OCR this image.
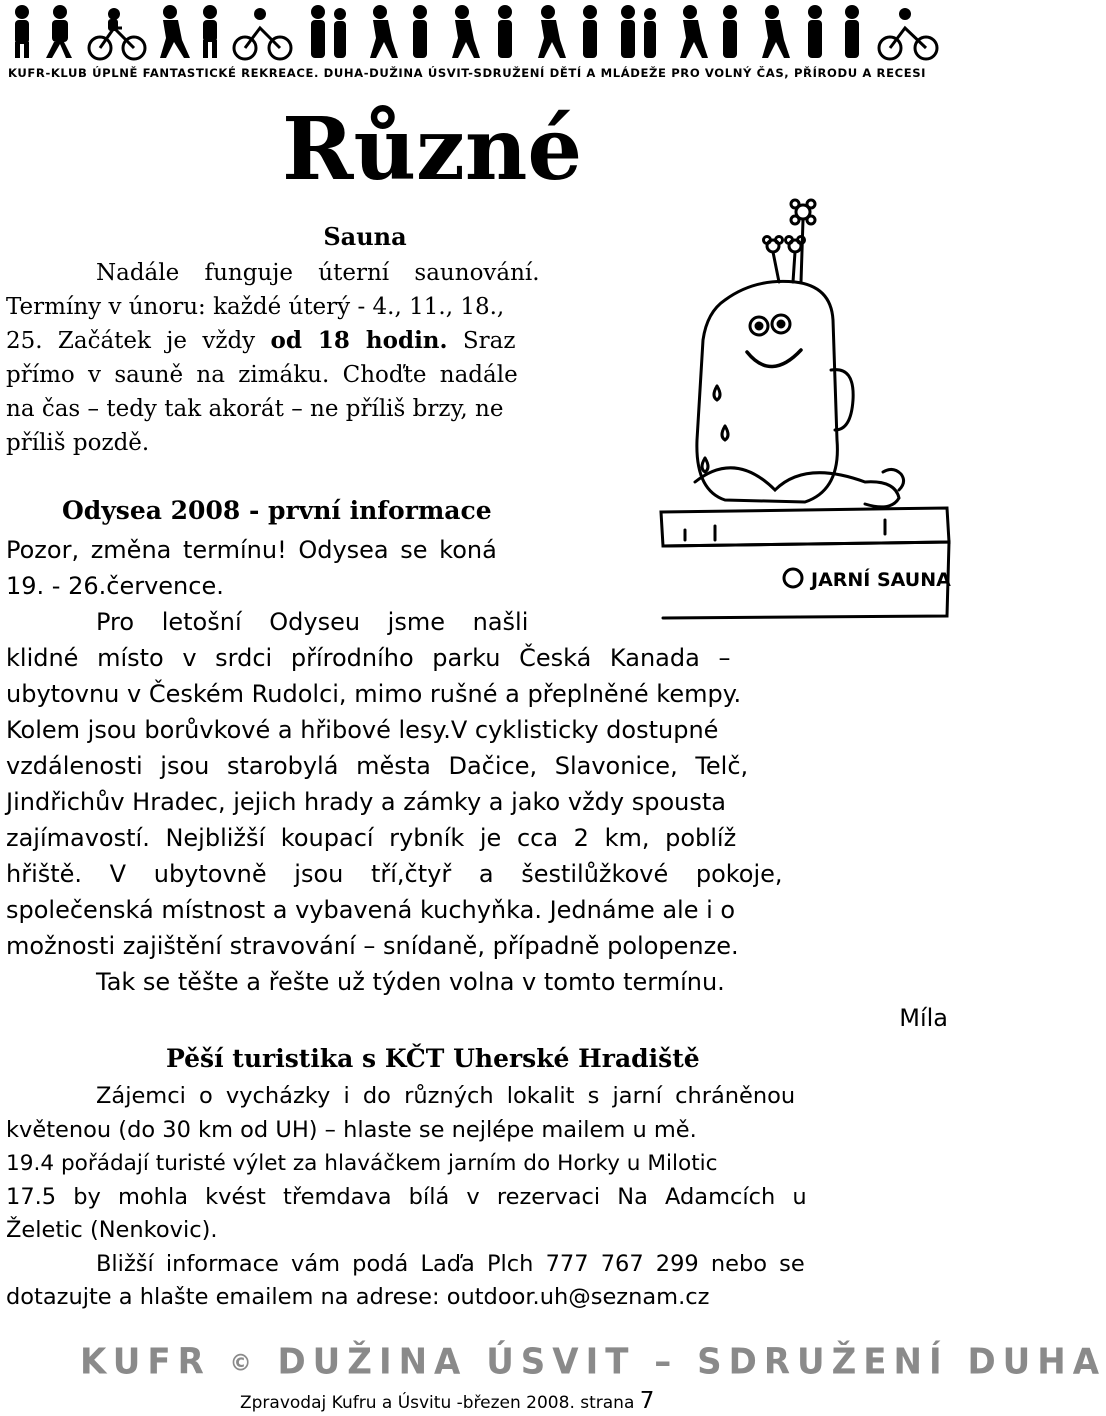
KUFR-KLUB ÚPLNĚ FANTASTICKÉ REKREACE. DUHA-DUŽINA ÚSVIT-SDRUŽENÍ DĚTÍ A MLÁDEŽE PRO VOLNÝ ČAS, PŘÍRODU A RECESI
Různé
Sauna
Nadále funguje úterní saunování.
Termíny v únoru: každé úterý - 4., 11., 18.,
25. Začátek je vždy od 18 hodin. Sraz
přímo v sauně na zimáku. Choďte nadále
na čas – tedy tak akorát – ne příliš brzy, ne
příliš pozdě.
JARNÍ SAUNA
Odysea 2008 - první informace
Pozor, změna termínu! Odysea se koná
19. - 26.července.
Pro letošní Odyseu jsme našli
klidné místo v srdci přírodního parku Česká Kanada –
ubytovnu v Českém Rudolci, mimo rušné a přeplněné kempy.
Kolem jsou borůvkové a hřibové lesy.V cyklisticky dostupné
vzdálenosti jsou starobylá města Dačice, Slavonice, Telč,
Jindřichův Hradec, jejich hrady a zámky a jako vždy spousta
zajímavostí. Nejbližší koupací rybník je cca 2 km, poblíž
hřiště. V ubytovně jsou tří,čtyř a šestilůžkové pokoje,
společenská místnost a vybavená kuchyňka. Jednáme ale i o
možnosti zajištění stravování – snídaně, případně polopenze.
Tak se těšte a řešte už týden volna v tomto termínu.
Míla
Pěší turistika s KČT Uherské Hradiště
Zájemci o vycházky i do různých lokalit s jarní chráněnou
květenou (do 30 km od UH) – hlaste se nejlépe mailem u mě.
19.4 pořádají turisté výlet za hlaváčkem jarním do Horky u Milotic
17.5 by mohla kvést třemdava bílá v rezervaci Na Adamcích u
Želetic (Nenkovic).
Bližší informace vám podá Laďa Plch 777 767 299 nebo se
dotazujte a hlašte emailem na adrese: outdoor.uh@seznam.cz
KUFR © DUŽINA ÚSVIT – SDRUŽENÍ DUHA
Zpravodaj Kufru a Úsvitu -březen 2008. strana 7
